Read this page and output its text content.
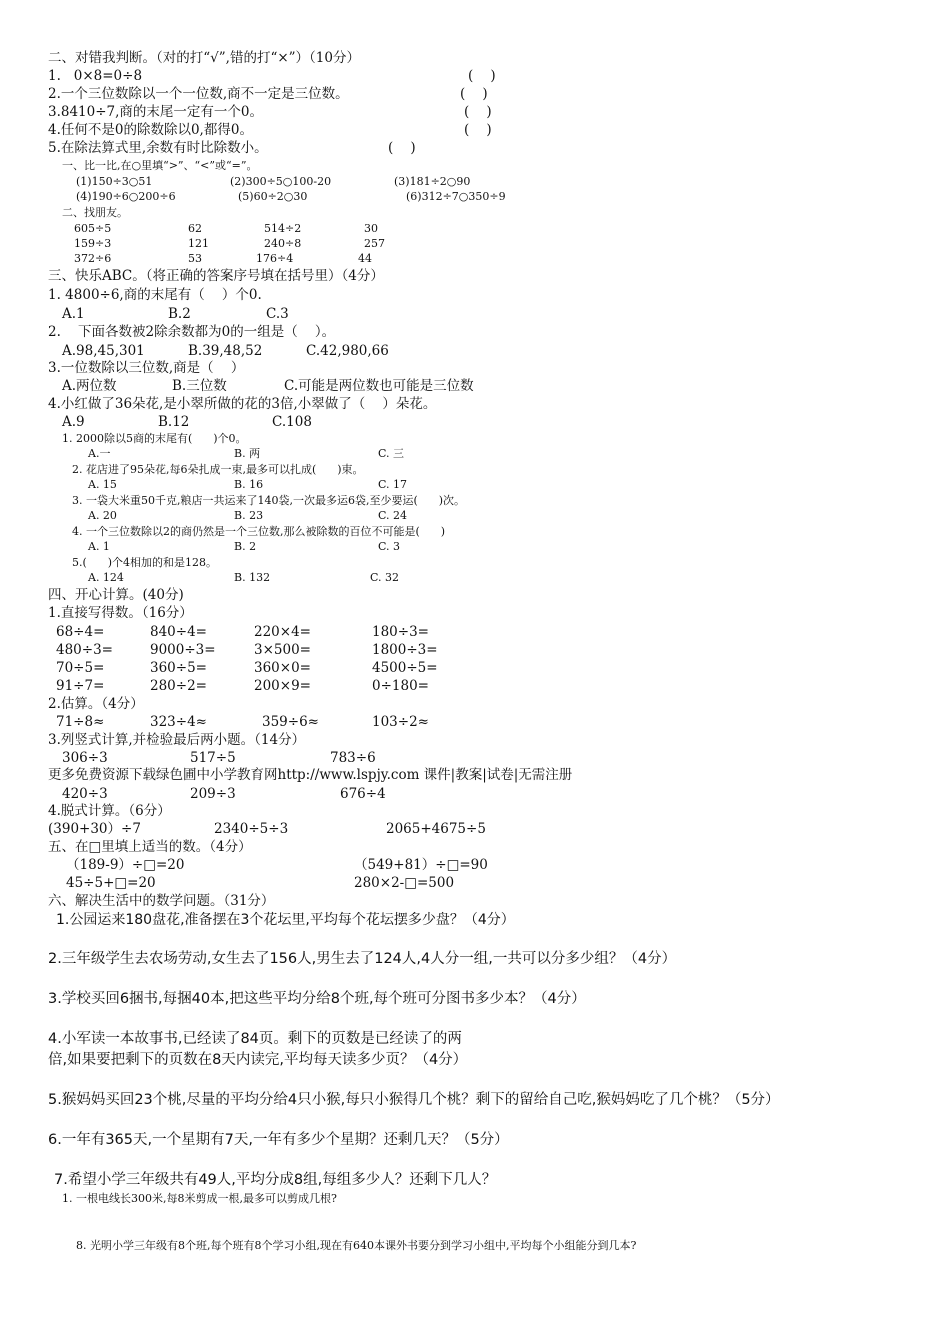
二、对错我判断。（对的打“√”,错的打“×”）（10分）
1.   0×8=0÷8	(    )
2.一个三位数除以一个一位数,商不一定是三位数。	(    )
3.8410÷7,商的末尾一定有一个0。	(    )
4.任何不是0的除数除以0,都得0。	(    )
5.在除法算式里,余数有时比除数小。	(    )
一、比一比,在○里填“>”、“<”或“=”。
(1)150÷3○51	(2)300÷5○100-20	(3)181÷2○90
(4)190÷6○200÷6	(5)60÷2○30	(6)312÷7○350÷9
二、找朋友。
605÷5	62	514÷2	30
159÷3	121	240÷8	257
372÷6	53	176÷4	44
三、快乐ABC。（将正确的答案序号填在括号里）（4分）
1. 4800÷6,商的末尾有（    ）个0.
A.1	B.2	C.3
2.    下面各数被2除余数都为0的一组是（    ）。
A.98,45,301	B.39,48,52	C.42,980,66
3.一位数除以三位数,商是（    ）
A.两位数	B.三位数	C.可能是两位数也可能是三位数
4.小红做了36朵花,是小翠所做的花的3倍,小翠做了（    ）朵花。
A.9	B.12	C.108
1. 2000除以5商的末尾有(      )个0。
A.一	B. 两	C. 三
2. 花店进了95朵花,每6朵扎成一束,最多可以扎成(      )束。
A. 15	B. 16	C. 17
3. 一袋大米重50千克,粮店一共运来了140袋,一次最多运6袋,至少要运(      )次。
A. 20	B. 23	C. 24
4. 一个三位数除以2的商仍然是一个三位数,那么被除数的百位不可能是(      )
A. 1	B. 2	C. 3
5.(      )个4相加的和是128。
A. 124	B. 132	C. 32
四、开心计算。(40分)
1.直接写得数。（16分）
68÷4=	840÷4=	220×4=	180÷3=
480÷3=	9000÷3=	3×500=	1800÷3=
70÷5=	360÷5=	360×0=	4500÷5=
91÷7=	280÷2=	200×9=	0÷180=
2.估算。（4分）
71÷8≈	323÷4≈	359÷6≈	103÷2≈
3.列竖式计算,并检验最后两小题。（14分）
306÷3	517÷5	783÷6
更多免费资源下载绿色圃中小学教育网http://www.lspjy.com 课件|教案|试卷|无需注册
420÷3	209÷3	676÷4
4.脱式计算。（6分）
(390+30）÷7	2340÷5÷3	2065+4675÷5
五、在□里填上适当的数。（4分）
（189-9）÷□=20	（549+81）÷□=90
45÷5+□=20	280×2-□=500
六、解决生活中的数学问题。（31分）
1.公园运来180盘花,准备摆在3个花坛里,平均每个花坛摆多少盘？（4分）
2.三年级学生去农场劳动,女生去了156人,男生去了124人,4人分一组,一共可以分多少组？（4分）
3.学校买回6捆书,每捆40本,把这些平均分给8个班,每个班可分图书多少本？（4分）
4.小军读一本故事书,已经读了84页。剩下的页数是已经读了的两
倍,如果要把剩下的页数在8天内读完,平均每天读多少页？（4分）
5.猴妈妈买回23个桃,尽量的平均分给4只小猴,每只小猴得几个桃？剩下的留给自己吃,猴妈妈吃了几个桃？（5分）
6.一年有365天,一个星期有7天,一年有多少个星期？还剩几天？（5分）
7.希望小学三年级共有49人,平均分成8组,每组多少人？还剩下几人？
1. 一根电线长300米,每8米剪成一根,最多可以剪成几根?
8. 光明小学三年级有8个班,每个班有8个学习小组,现在有640本课外书要分到学习小组中,平均每个小组能分到几本?
